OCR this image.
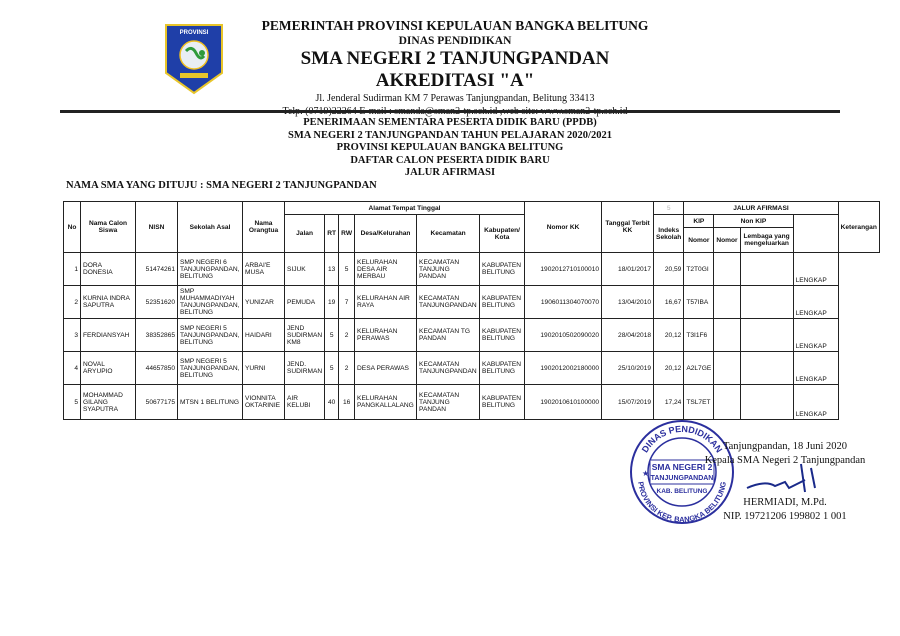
PROVINSI	PEMERINTAH PROVINSI KEPULAUAN BANGKA BELITUNG
DINAS PENDIDIKAN
SMA NEGERI 2 TANJUNGPANDAN
AKREDITASI "A"
Jl. Jenderal Sudirman KM 7 Perawas Tanjungpandan, Belitung 33413
PENERIMAAN SEMENTARA PESERTA DIDIK BARU (PPDB)
SMA NEGERI 2 TANJUNGPANDAN TAHUN PELAJARAN 2020/2021
PROVINSI KEPULAUAN BANGKA BELITUNG
DAFTAR CALON PESERTA DIDIK BARU
JALUR AFIRMASI
NAMA SMA YANG DITUJU : SMA NEGERI 2 TANJUNGPANDAN
No	Nama Calon Siswa	NISN	Sekolah Asal	Nama Orangtua	Alamat Tempat Tinggal						Nomor KK	Tanggal Terbit KK	5	JALUR AFIRMASI				Keterangan
					Jalan	RT	RW	Desa/Kelurahan	Kecamatan	Kabupaten/ Kota			Indeks Sekolah	KIP	Non KIP			
														Nomor	Nomor	Lembaga yang mengeluarkan		
1	DORA DONESIA	51474261	SMP NEGERI 6 TANJUNGPANDAN, BELITUNG	ARBAI'E MUSA	SIJUK	13	5	KELURAHAN DESA AIR MERBAU	KECAMATAN TANJUNG PANDAN	KABUPATEN BELITUNG	1902012710100010	18/01/2017	20,59	T2T0GI			LENGKAP	
2	KURNIA INDRA SAPUTRA	52351620	SMP MUHAMMADIYAH TANJUNGPANDAN, BELITUNG	YUNIZAR	PEMUDA	19	7	KELURAHAN AIR RAYA	KECAMATAN TANJUNGPANDAN	KABUPATEN BELITUNG	1906011304070070	13/04/2010	16,67	T57IBA			LENGKAP	
3	FERDIANSYAH	38352865	SMP NEGERI 5 TANJUNGPANDAN, BELITUNG	HAIDARI	JEND SUDIRMAN KM8	5	2	KELURAHAN PERAWAS	KECAMATAN TG PANDAN	KABUPATEN BELITUNG	1902010502090020	28/04/2018	20,12	T3I1F6			LENGKAP	
4	NOVAL ARYUPIO	44657850	SMP NEGERI 5 TANJUNGPANDAN, BELITUNG	YURNI	JEND. SUDIRMAN	5	2	DESA PERAWAS	KECAMATAN TANJUNGPANDAN	KABUPATEN BELITUNG	1902012002180000	25/10/2019	20,12	A2L7GE			LENGKAP	
5	MOHAMMAD GILANG SYAPUTRA	50677175	MTSN 1 BELITUNG	VIONNITA OKTARINIE	AIR KELUBI	40	16	KELURAHAN PANGKALLALANG	KECAMATAN TANJUNG PANDAN	KABUPATEN BELITUNG	1902010610100000	15/07/2019	17,24	TSL7ET			LENGKAP	
DINAS PENDIDIKAN
PROVINSI KEP. BANGKA BELITUNG
SMA NEGERI 2
TANJUNGPANDAN
KAB. BELITUNG
★
Tanjungpandan, 18 Juni 2020
Kepala SMA Negeri 2 Tanjungpandan
HERMIADI, M.Pd.
NIP. 19721206 199802 1 001
